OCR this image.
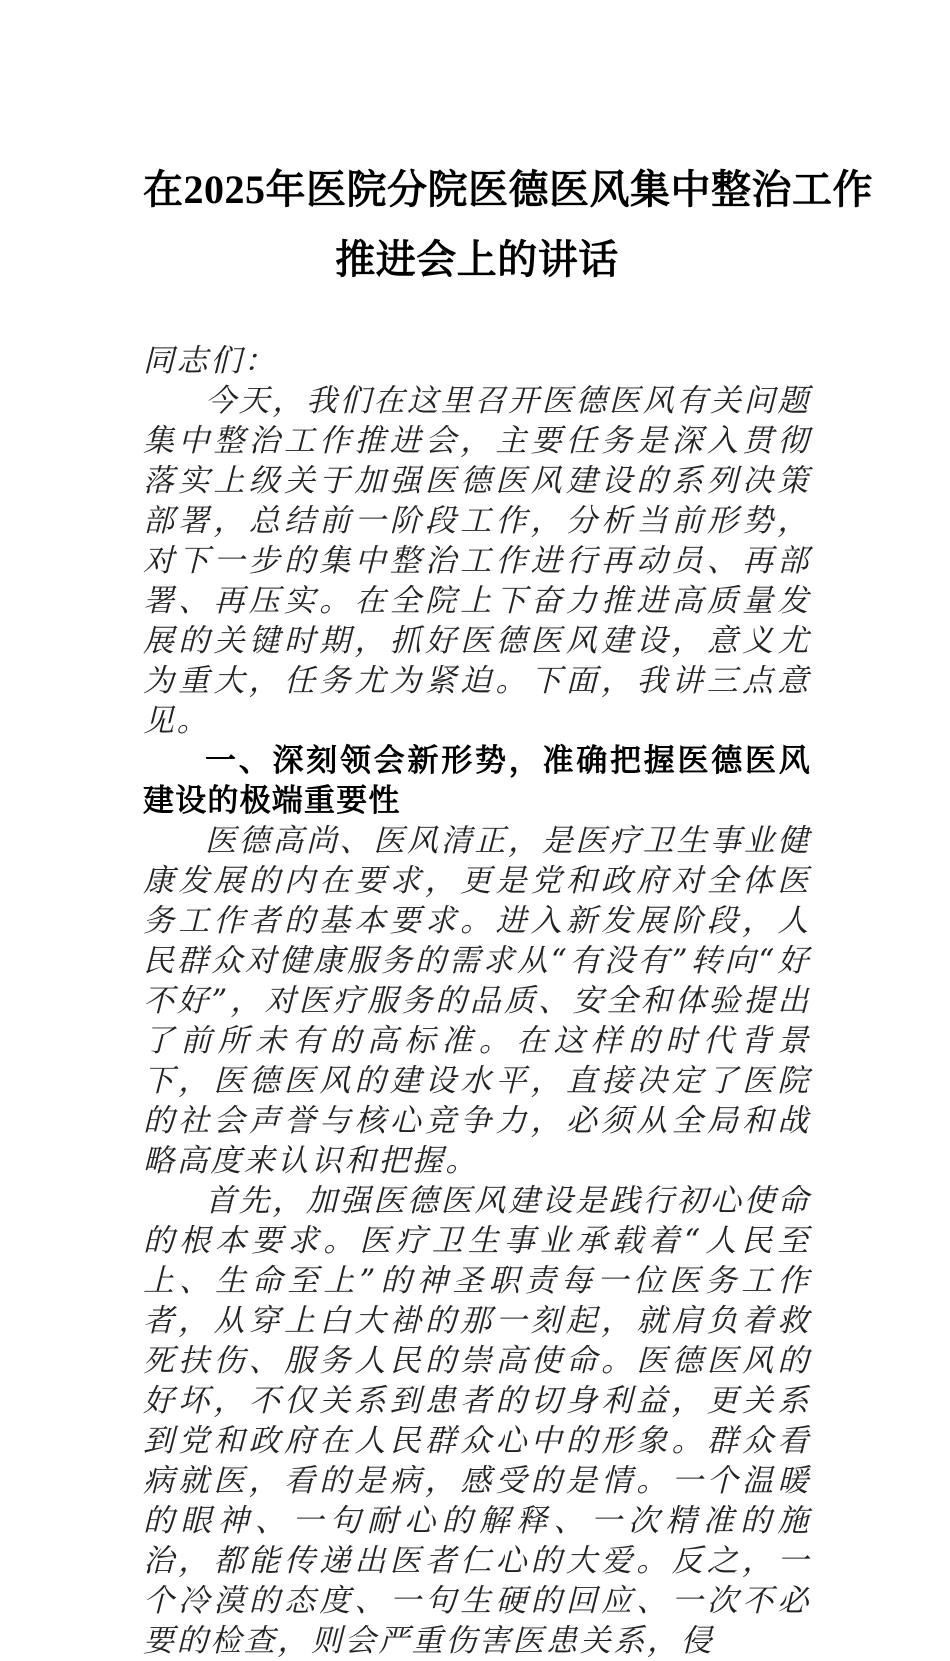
在2025年医院分院医德医风集中整治工作
推进会上的讲话

同志们：

今天，我们在这里召开医德医风有关问题集中整治工作推进会，主要任务是深入贯彻落实上级关于加强医德医风建设的系列决策部署，总结前一阶段工作，分析当前形势，对下一步的集中整治工作进行再动员、再部署、再压实。在全院上下奋力推进高质量发展的关键时期，抓好医德医风建设，意义尤为重大，任务尤为紧迫。下面，我讲三点意见。

一、深刻领会新形势，准确把握医德医风建设的极端重要性

医德高尚、医风清正，是医疗卫生事业健康发展的内在要求，更是党和政府对全体医务工作者的基本要求。进入新发展阶段，人民群众对健康服务的需求从“有没有”转向“好不好”，对医疗服务的品质、安全和体验提出了前所未有的高标准。在这样的时代背景下，医德医风的建设水平，直接决定了医院的社会声誉与核心竞争力，必须从全局和战略高度来认识和把握。

首先，加强医德医风建设是践行初心使命的根本要求。医疗卫生事业承载着“人民至上、生命至上”的神圣职责每一位医务工作者，从穿上白大褂的那一刻起，就肩负着救死扶伤、服务人民的崇高使命。医德医风的好坏，不仅关系到患者的切身利益，更关系到党和政府在人民群众心中的形象。群众看病就医，看的是病，感受的是情。一个温暖的眼神、一句耐心的解释、一次精准的施治，都能传递出医者仁心的大爱。反之，一个冷漠的态度、一句生硬的回应、一次不必要的检查，则会严重伤害医患关系，侵
